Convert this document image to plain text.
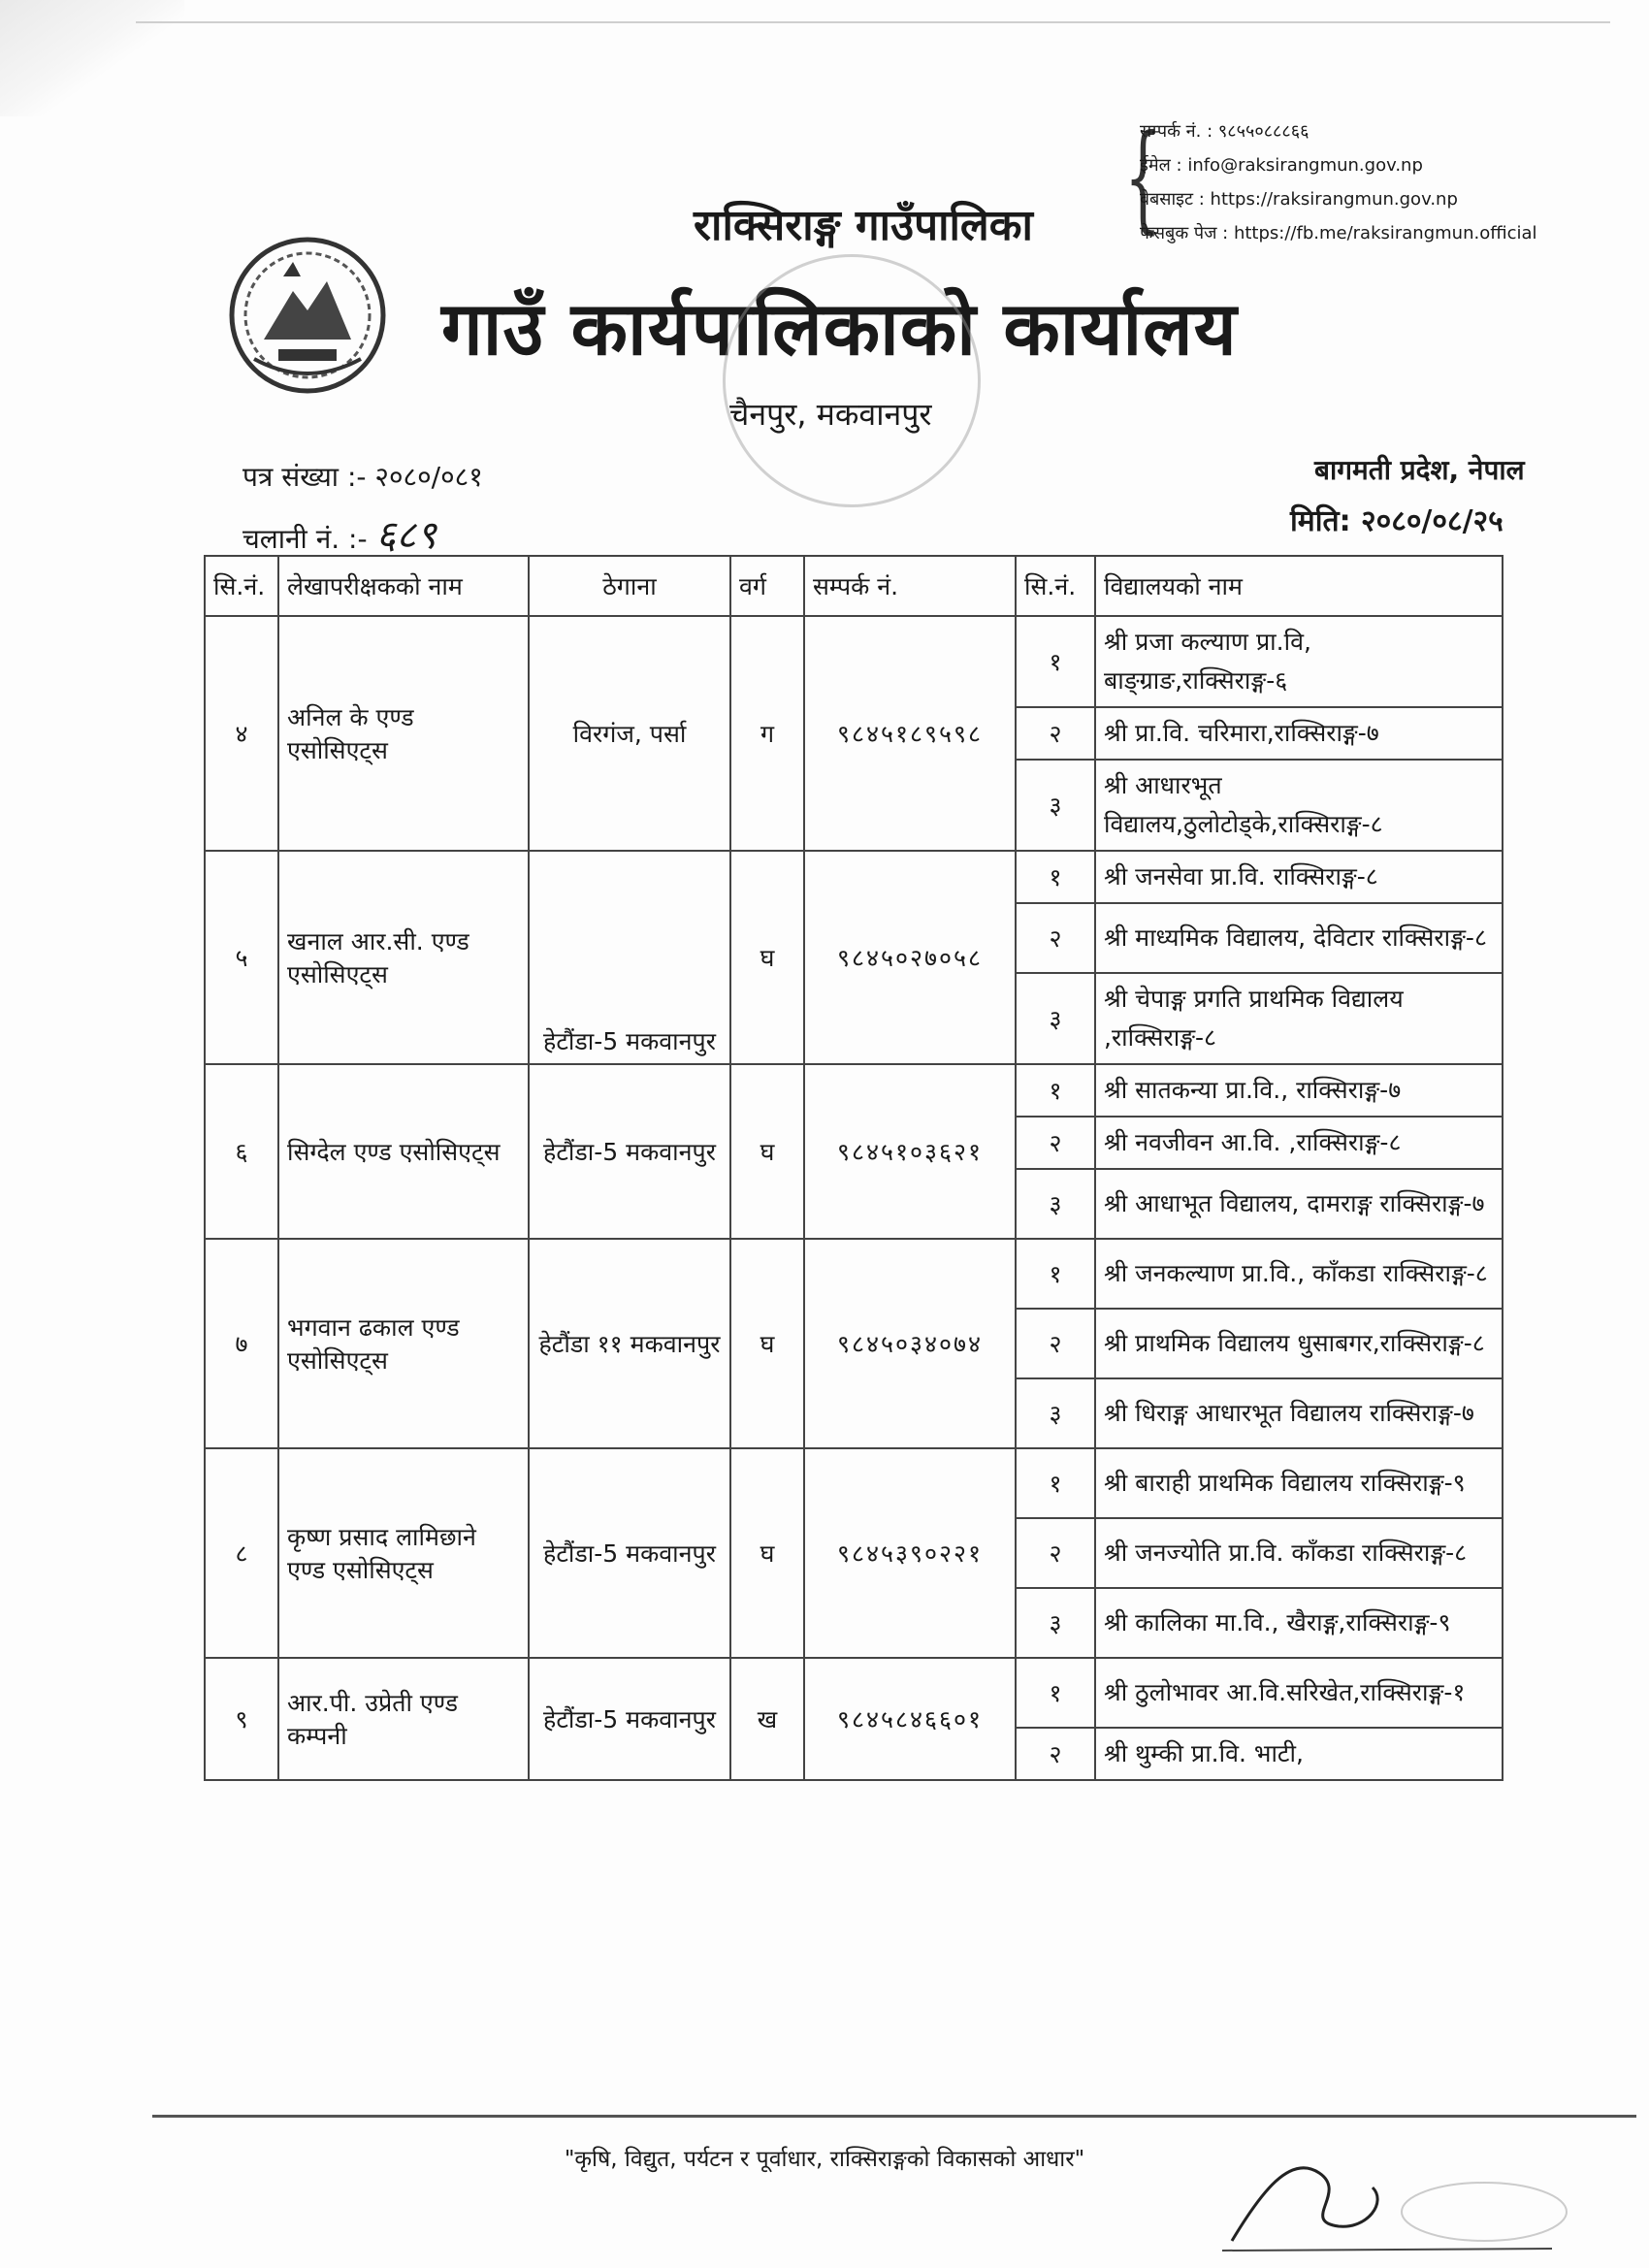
{
सम्पर्क नं. : ९८५५०८८८६६
ईमेल : info@raksirangmun.gov.np
वेबसाइट : https://raksirangmun.gov.np
फेसबुक पेज : https://fb.me/raksirangmun.official
राक्सिराङ्ग गाउँपालिका
गाउँ कार्यपालिकाको कार्यालय
चैनपुर, मकवानपुर
पत्र संख्या :- २०८०/०८१
चलानी नं. :- ६८९
बागमती प्रदेश, नेपाल
मिति: २०८०/०८/२५
सि.नं.	लेखापरीक्षकको नाम	ठेगाना	वर्ग	सम्पर्क नं.	सि.नं.	विद्यालयको नाम
४	अनिल के एण्ड एसोसिएट्स	विरगंज, पर्सा	ग	९८४५१८९५९८	१	श्री प्रजा कल्याण प्रा.वि, बाङ्ग्राङ,राक्सिराङ्ग-६
					२	श्री प्रा.वि. चरिमारा,राक्सिराङ्ग-७
					३	श्री आधारभूत विद्यालय,ठुलोटोड्के,राक्सिराङ्ग-८
५	खनाल आर.सी. एण्ड एसोसिएट्स	हेटौंडा-5 मकवानपुर	घ	९८४५०२७०५८	१	श्री जनसेवा प्रा.वि. राक्सिराङ्ग-८
					२	श्री माध्यमिक विद्यालय, देविटार राक्सिराङ्ग-८
					३	श्री चेपाङ्ग प्रगति प्राथमिक विद्यालय ,राक्सिराङ्ग-८
६	सिग्देल एण्ड एसोसिएट्स	हेटौंडा-5 मकवानपुर	घ	९८४५१०३६२१	१	श्री सातकन्या प्रा.वि., राक्सिराङ्ग-७
					२	श्री नवजीवन आ.वि. ,राक्सिराङ्ग-८
					३	श्री आधाभूत विद्यालय, दामराङ्ग राक्सिराङ्ग-७
७	भगवान ढकाल एण्ड एसोसिएट्स	हेटौंडा ११ मकवानपुर	घ	९८४५०३४०७४	१	श्री जनकल्याण प्रा.वि., काँकडा राक्सिराङ्ग-८
					२	श्री प्राथमिक विद्यालय धुसाबगर,राक्सिराङ्ग-८
					३	श्री धिराङ्ग आधारभूत विद्यालय राक्सिराङ्ग-७
८	कृष्ण प्रसाद लामिछाने एण्ड एसोसिएट्स	हेटौंडा-5 मकवानपुर	घ	९८४५३९०२२१	१	श्री बाराही प्राथमिक विद्यालय राक्सिराङ्ग-९
					२	श्री जनज्योति प्रा.वि. काँकडा राक्सिराङ्ग-८
					३	श्री कालिका मा.वि., खैराङ्ग,राक्सिराङ्ग-९
९	आर.पी. उप्रेती एण्ड कम्पनी	हेटौंडा-5 मकवानपुर	ख	९८४५८४६६०१	१	श्री ठुलोभावर आ.वि.सरिखेत,राक्सिराङ्ग-१
					२	श्री थुम्की प्रा.वि. भाटी,
"कृषि, विद्युत, पर्यटन र पूर्वाधार, राक्सिराङ्गको विकासको आधार"
